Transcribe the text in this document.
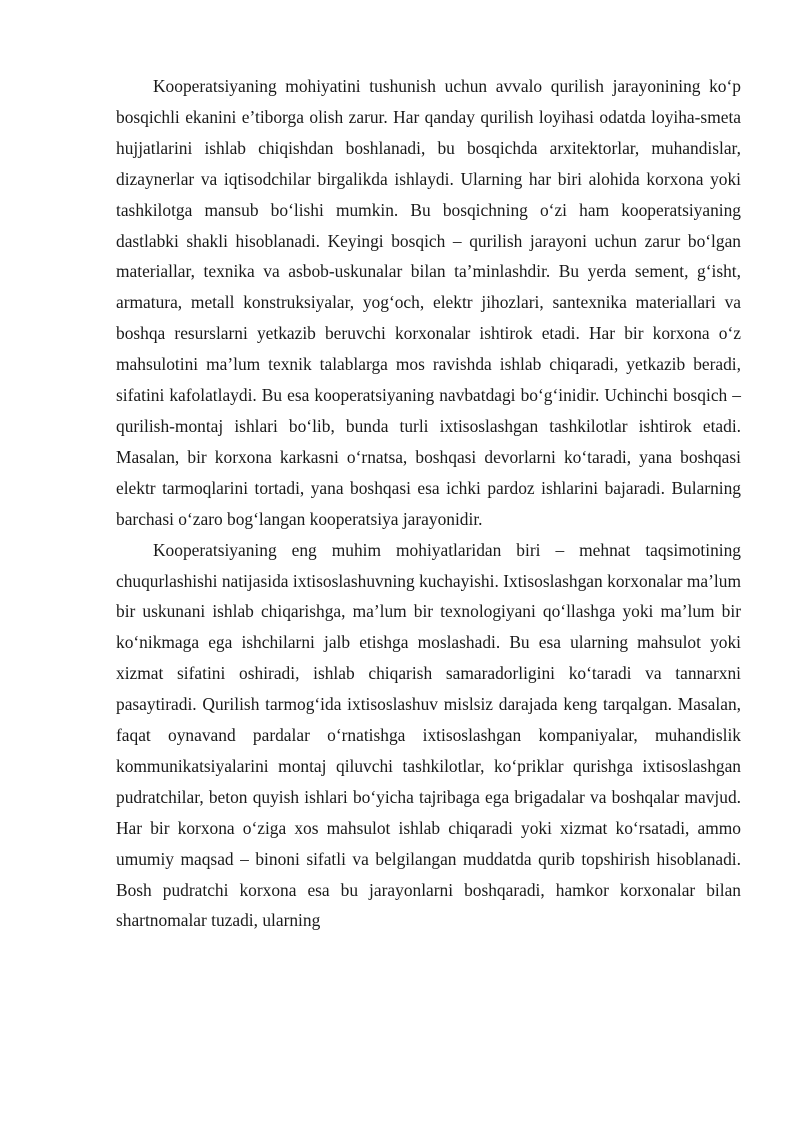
Kooperatsiyaning mohiyatini tushunish uchun avvalo qurilish jarayonining ko‘p bosqichli ekanini e’tiborga olish zarur. Har qanday qurilish loyihasi odatda loyiha-smeta hujjatlarini ishlab chiqishdan boshlanadi, bu bosqichda arxitektorlar, muhandislar, dizaynerlar va iqtisodchilar birgalikda ishlaydi. Ularning har biri alohida korxona yoki tashkilotga mansub bo‘lishi mumkin. Bu bosqichning o‘zi ham kooperatsiyaning dastlabki shakli hisoblanadi. Keyingi bosqich – qurilish jarayoni uchun zarur bo‘lgan materiallar, texnika va asbob-uskunalar bilan ta’minlashdir. Bu yerda sement, g‘isht, armatura, metall konstruksiyalar, yog‘och, elektr jihozlari, santexnika materiallari va boshqa resurslarni yetkazib beruvchi korxonalar ishtirok etadi. Har bir korxona o‘z mahsulotini ma’lum texnik talablarga mos ravishda ishlab chiqaradi, yetkazib beradi, sifatini kafolatlaydi. Bu esa kooperatsiyaning navbatdagi bo‘g‘inidir. Uchinchi bosqich – qurilish-montaj ishlari bo‘lib, bunda turli ixtisoslashgan tashkilotlar ishtirok etadi. Masalan, bir korxona karkasni o‘rnatsa, boshqasi devorlarni ko‘taradi, yana boshqasi elektr tarmoqlarini tortadi, yana boshqasi esa ichki pardoz ishlarini bajaradi. Bularning barchasi o‘zaro bog‘langan kooperatsiya jarayonidir.

Kooperatsiyaning eng muhim mohiyatlaridan biri – mehnat taqsimotining chuqurlashishi natijasida ixtisoslashuvning kuchayishi. Ixtisoslashgan korxonalar ma’lum bir uskunani ishlab chiqarishga, ma’lum bir texnologiyani qo‘llashga yoki ma’lum bir ko‘nikmaga ega ishchilarni jalb etishga moslashadi. Bu esa ularning mahsulot yoki xizmat sifatini oshiradi, ishlab chiqarish samaradorligini ko‘taradi va tannarxni pasaytiradi. Qurilish tarmog‘ida ixtisoslashuv mislsiz darajada keng tarqalgan. Masalan, faqat oynavand pardalar o‘rnatishga ixtisoslashgan kompaniyalar, muhandislik kommunikatsiyalarini montaj qiluvchi tashkilotlar, ko‘priklar qurishga ixtisoslashgan pudratchilar, beton quyish ishlari bo‘yicha tajribaga ega brigadalar va boshqalar mavjud. Har bir korxona o‘ziga xos mahsulot ishlab chiqaradi yoki xizmat ko‘rsatadi, ammo umumiy maqsad – binoni sifatli va belgilangan muddatda qurib topshirish hisoblanadi. Bosh pudratchi korxona esa bu jarayonlarni boshqaradi, hamkor korxonalar bilan shartnomalar tuzadi, ularning
